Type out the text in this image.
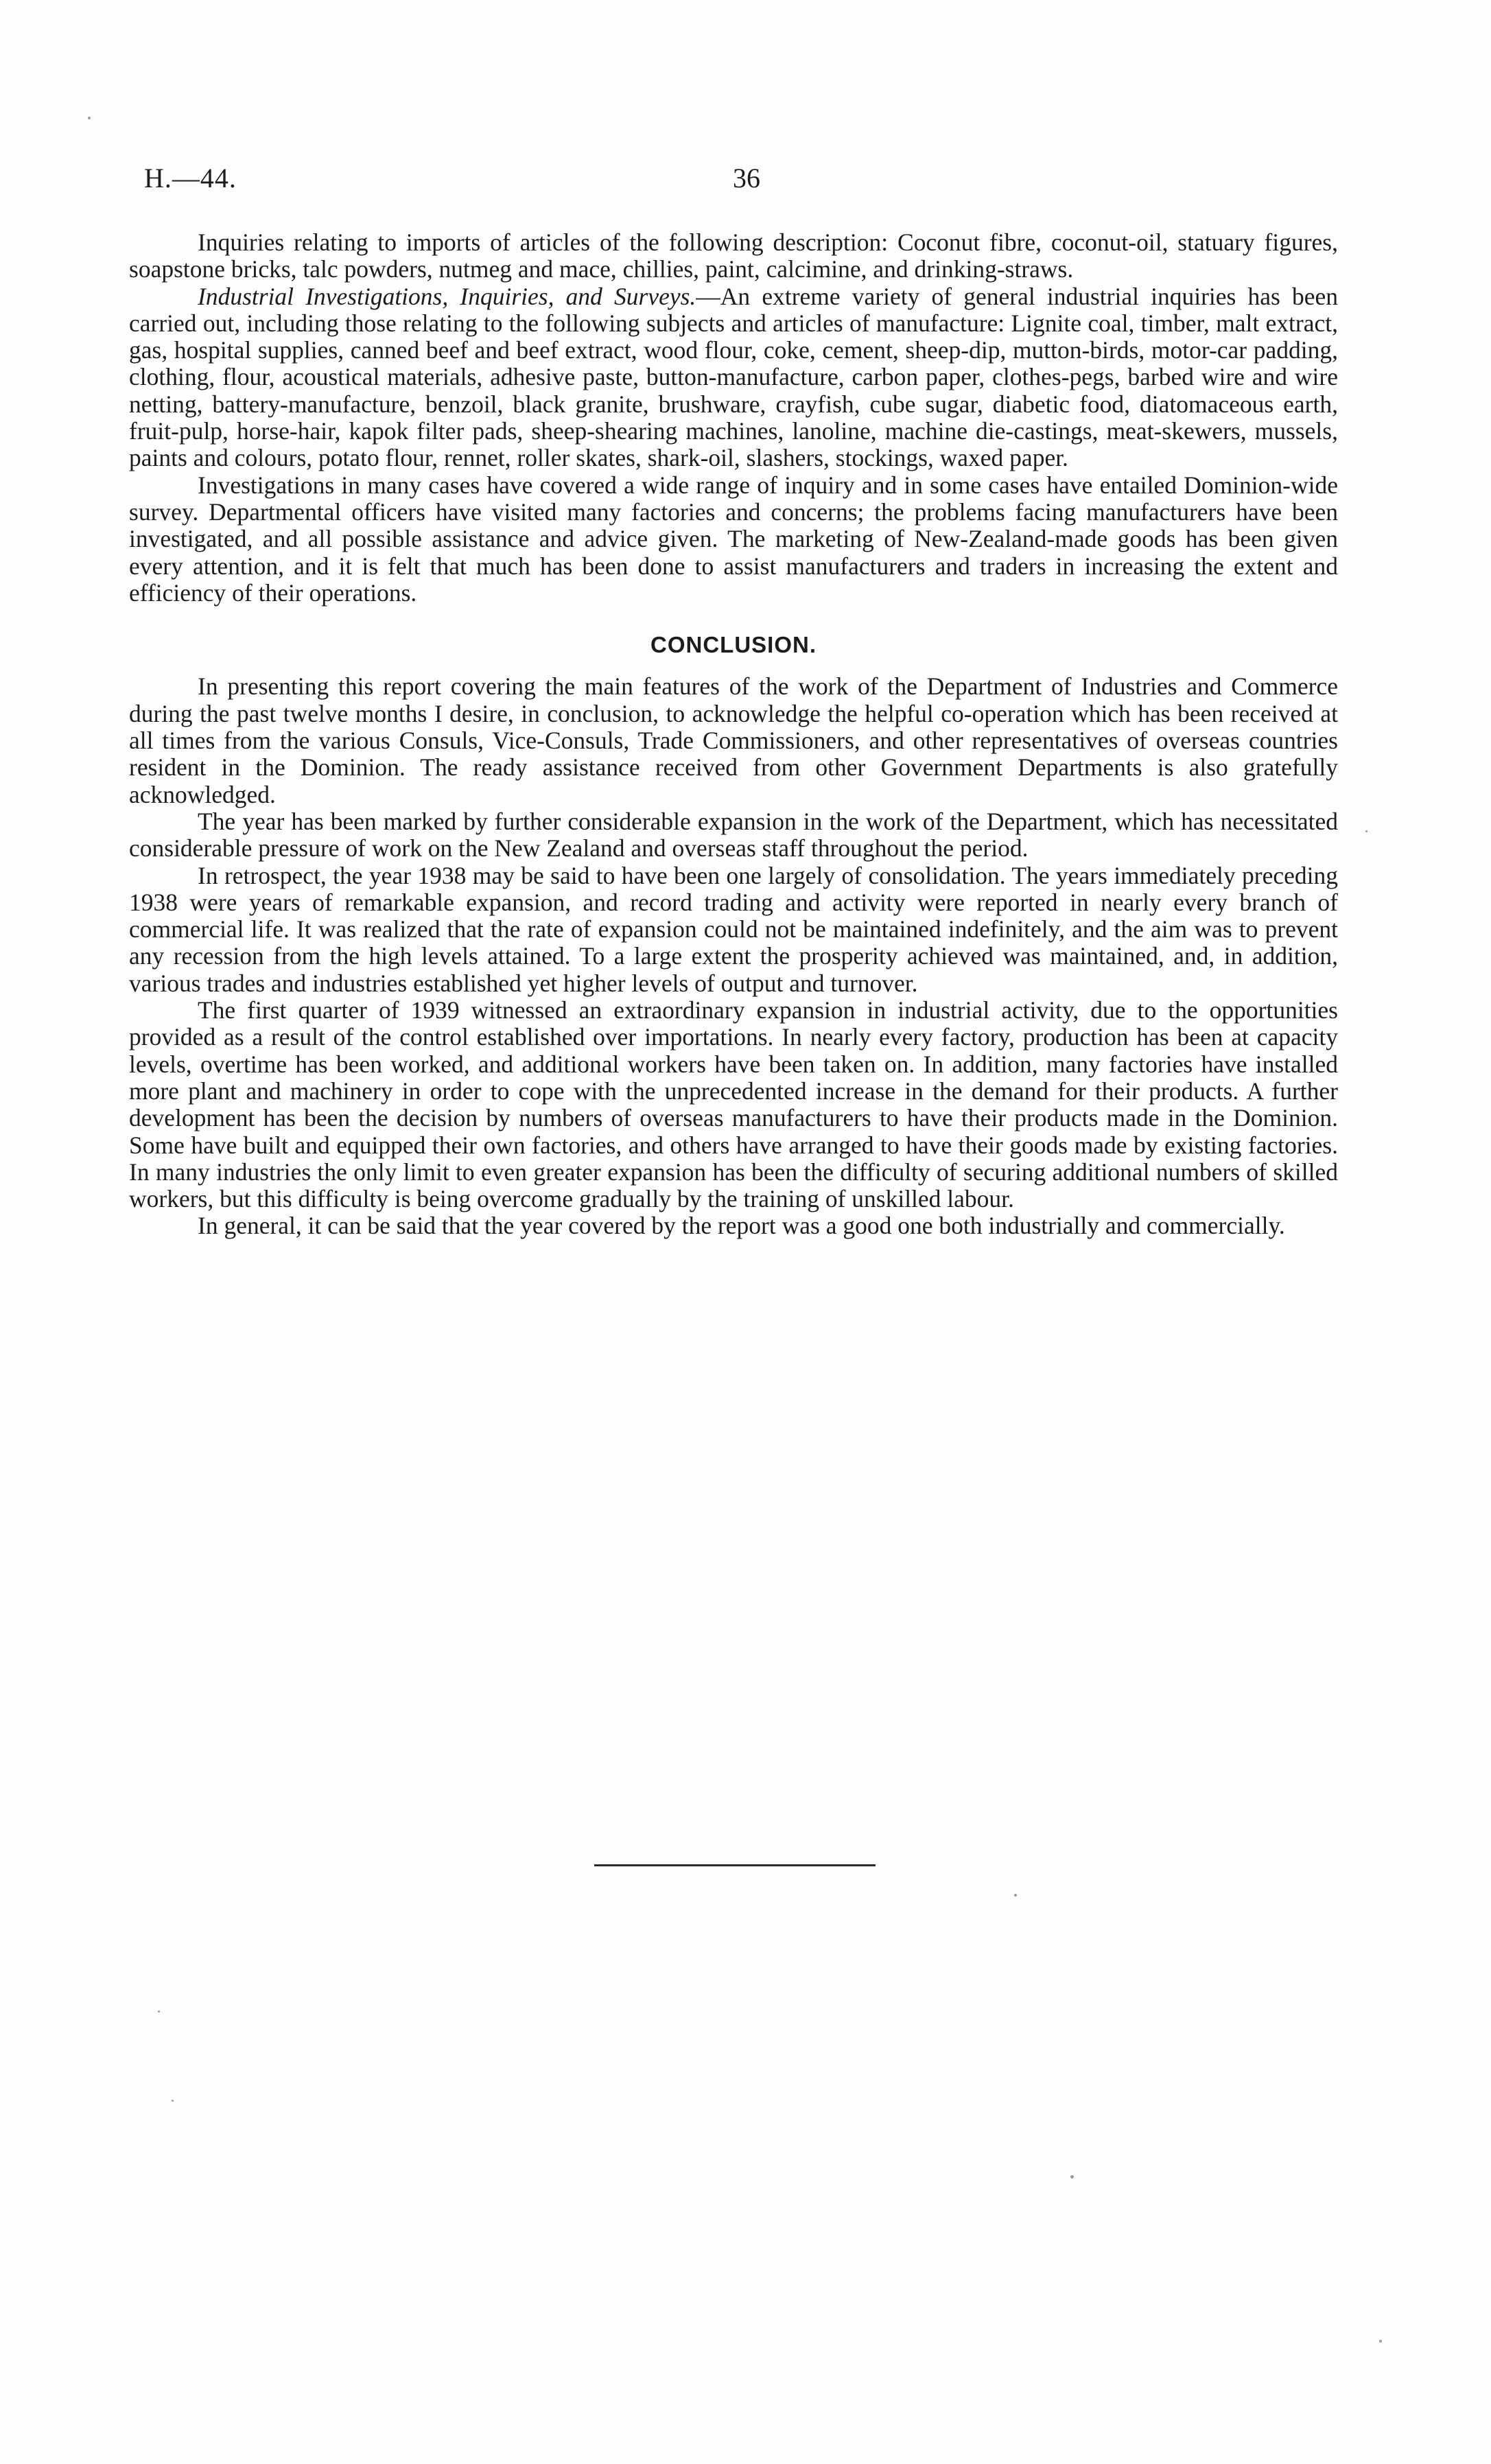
H.—44.	36

Inquiries relating to imports of articles of the following description: Coconut fibre, coconut-oil, statuary figures, soapstone bricks, talc powders, nutmeg and mace, chillies, paint, calcimine, and drinking-straws.

Industrial Investigations, Inquiries, and Surveys.—An extreme variety of general industrial inquiries has been carried out, including those relating to the following subjects and articles of manufacture: Lignite coal, timber, malt extract, gas, hospital supplies, canned beef and beef extract, wood flour, coke, cement, sheep-dip, mutton-birds, motor-car padding, clothing, flour, acoustical materials, adhesive paste, button-manufacture, carbon paper, clothes-pegs, barbed wire and wire netting, battery-manufacture, benzoil, black granite, brushware, crayfish, cube sugar, diabetic food, diatomaceous earth, fruit-pulp, horse-hair, kapok filter pads, sheep-shearing machines, lanoline, machine die-castings, meat-skewers, mussels, paints and colours, potato flour, rennet, roller skates, shark-oil, slashers, stockings, waxed paper.

Investigations in many cases have covered a wide range of inquiry and in some cases have entailed Dominion-wide survey. Departmental officers have visited many factories and concerns; the problems facing manufacturers have been investigated, and all possible assistance and advice given. The marketing of New-Zealand-made goods has been given every attention, and it is felt that much has been done to assist manufacturers and traders in increasing the extent and efficiency of their operations.

CONCLUSION.

In presenting this report covering the main features of the work of the Department of Industries and Commerce during the past twelve months I desire, in conclusion, to acknowledge the helpful co-operation which has been received at all times from the various Consuls, Vice-Consuls, Trade Commissioners, and other representatives of overseas countries resident in the Dominion. The ready assistance received from other Government Departments is also gratefully acknowledged.

The year has been marked by further considerable expansion in the work of the Department, which has necessitated considerable pressure of work on the New Zealand and overseas staff throughout the period.

In retrospect, the year 1938 may be said to have been one largely of consolidation. The years immediately preceding 1938 were years of remarkable expansion, and record trading and activity were reported in nearly every branch of commercial life. It was realized that the rate of expansion could not be maintained indefinitely, and the aim was to prevent any recession from the high levels attained. To a large extent the prosperity achieved was maintained, and, in addition, various trades and industries established yet higher levels of output and turnover.

The first quarter of 1939 witnessed an extraordinary expansion in industrial activity, due to the opportunities provided as a result of the control established over importations. In nearly every factory, production has been at capacity levels, overtime has been worked, and additional workers have been taken on. In addition, many factories have installed more plant and machinery in order to cope with the unprecedented increase in the demand for their products. A further development has been the decision by numbers of overseas manufacturers to have their products made in the Dominion. Some have built and equipped their own factories, and others have arranged to have their goods made by existing factories. In many industries the only limit to even greater expansion has been the difficulty of securing additional numbers of skilled workers, but this difficulty is being overcome gradually by the training of unskilled labour.

In general, it can be said that the year covered by the report was a good one both industrially and commercially.
